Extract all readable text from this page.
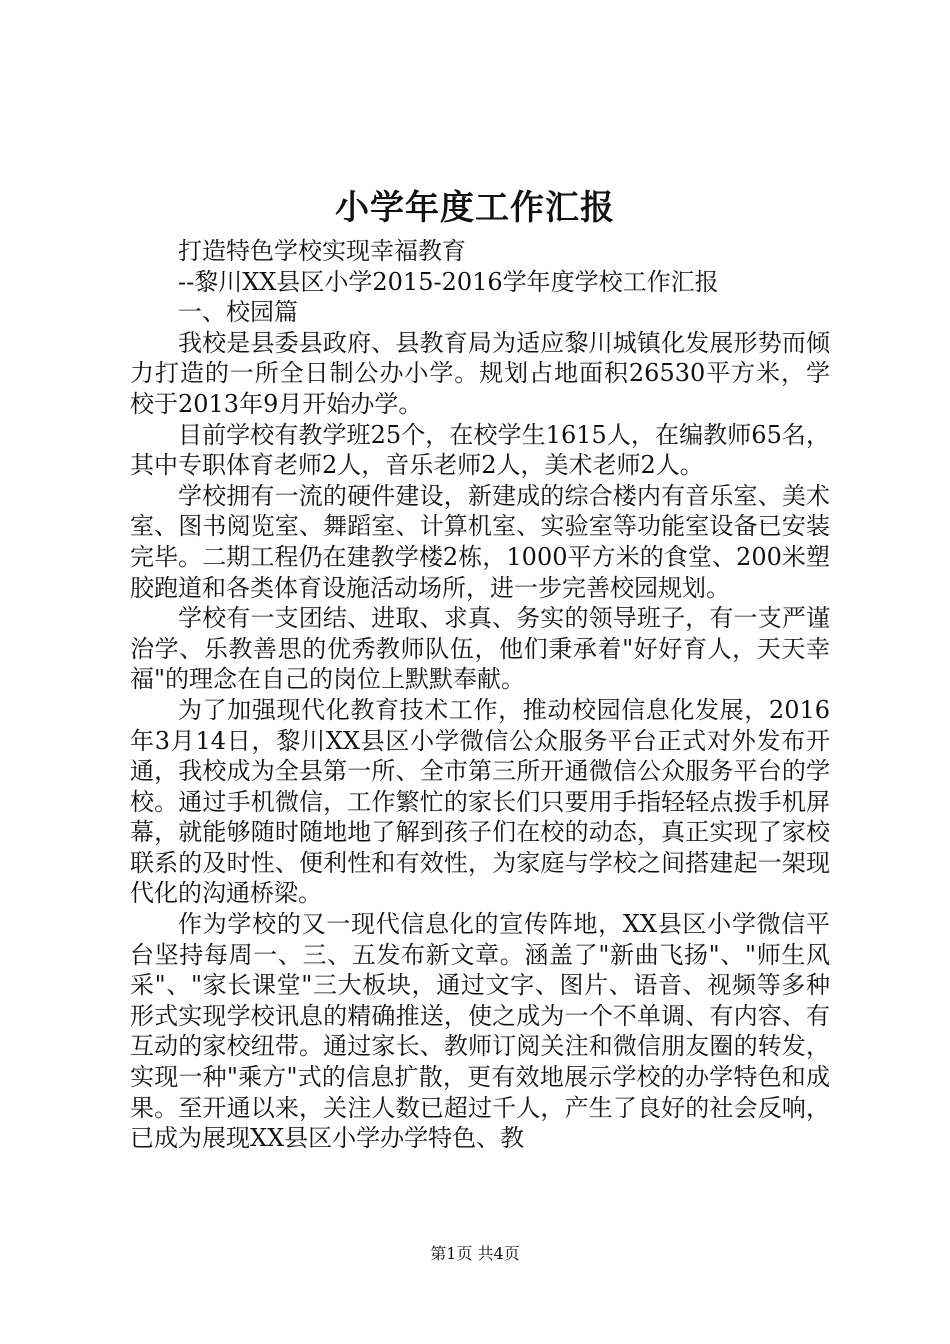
小学年度工作汇报

打造特色学校实现幸福教育

--黎川XX县区小学2015-2016学年度学校工作汇报

一、校园篇

我校是县委县政府、县教育局为适应黎川城镇化发展形势而倾力打造的一所全日制公办小学。规划占地面积26530平方米，学校于2013年9月开始办学。

目前学校有教学班25个，在校学生1615人，在编教师65名，其中专职体育老师2人，音乐老师2人，美术老师2人。

学校拥有一流的硬件建设，新建成的综合楼内有音乐室、美术室、图书阅览室、舞蹈室、计算机室、实验室等功能室设备已安装完毕。二期工程仍在建教学楼2栋，1000平方米的食堂、200米塑胶跑道和各类体育设施活动场所，进一步完善校园规划。

学校有一支团结、进取、求真、务实的领导班子，有一支严谨治学、乐教善思的优秀教师队伍，他们秉承着"好好育人，天天幸福"的理念在自己的岗位上默默奉献。

为了加强现代化教育技术工作，推动校园信息化发展，2016年3月14日，黎川XX县区小学微信公众服务平台正式对外发布开通，我校成为全县第一所、全市第三所开通微信公众服务平台的学校。通过手机微信，工作繁忙的家长们只要用手指轻轻点拨手机屏幕，就能够随时随地地了解到孩子们在校的动态，真正实现了家校联系的及时性、便利性和有效性，为家庭与学校之间搭建起一架现代化的沟通桥梁。

作为学校的又一现代信息化的宣传阵地，XX县区小学微信平台坚持每周一、三、五发布新文章。涵盖了"新曲飞扬"、"师生风采"、"家长课堂"三大板块，通过文字、图片、语音、视频等多种形式实现学校讯息的精确推送，使之成为一个不单调、有内容、有互动的家校纽带。通过家长、教师订阅关注和微信朋友圈的转发，实现一种"乘方"式的信息扩散，更有效地展示学校的办学特色和成果。至开通以来，关注人数已超过千人，产生了良好的社会反响，已成为展现XX县区小学办学特色、教

第1页 共4页
